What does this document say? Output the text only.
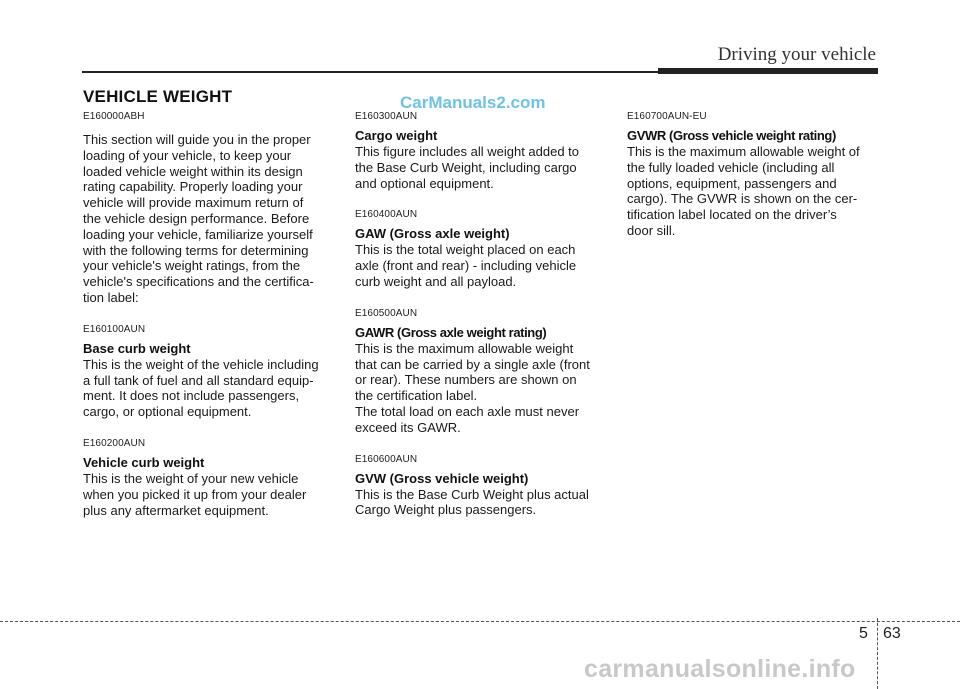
Driving your vehicle
VEHICLE WEIGHT	CarManuals2.com

E160000ABH

This section will guide you in the proper
loading of your vehicle, to keep your
loaded vehicle weight within its design
rating capability. Properly loading your
vehicle will provide maximum return of
the vehicle design performance. Before
loading your vehicle, familiarize yourself
with the following terms for determining
your vehicle's weight ratings, from the
vehicle's specifications and the certifica-
tion label:

E160100AUN

Base curb weight

This is the weight of the vehicle including
a full tank of fuel and all standard equip-
ment. It does not include passengers,
cargo, or optional equipment.

E160200AUN

Vehicle curb weight

This is the weight of your new vehicle
when you picked it up from your dealer
plus any aftermarket equipment.

E160300AUN

Cargo weight

This figure includes all weight added to
the Base Curb Weight, including cargo
and optional equipment.

E160400AUN

GAW (Gross axle weight)

This is the total weight placed on each
axle (front and rear) - including vehicle
curb weight and all payload.

E160500AUN

GAWR (Gross axle weight rating)

This is the maximum allowable weight
that can be carried by a single axle (front
or rear). These numbers are shown on
the certification label.
The total load on each axle must never
exceed its GAWR.

E160600AUN

GVW (Gross vehicle weight)

This is the Base Curb Weight plus actual
Cargo Weight plus passengers.

E160700AUN-EU

GVWR (Gross vehicle weight rating)

This is the maximum allowable weight of
the fully loaded vehicle (including all
options, equipment, passengers and
cargo). The GVWR is shown on the cer-
tification label located on the driver’s
door sill.

5 63
carmanualsonline.info
